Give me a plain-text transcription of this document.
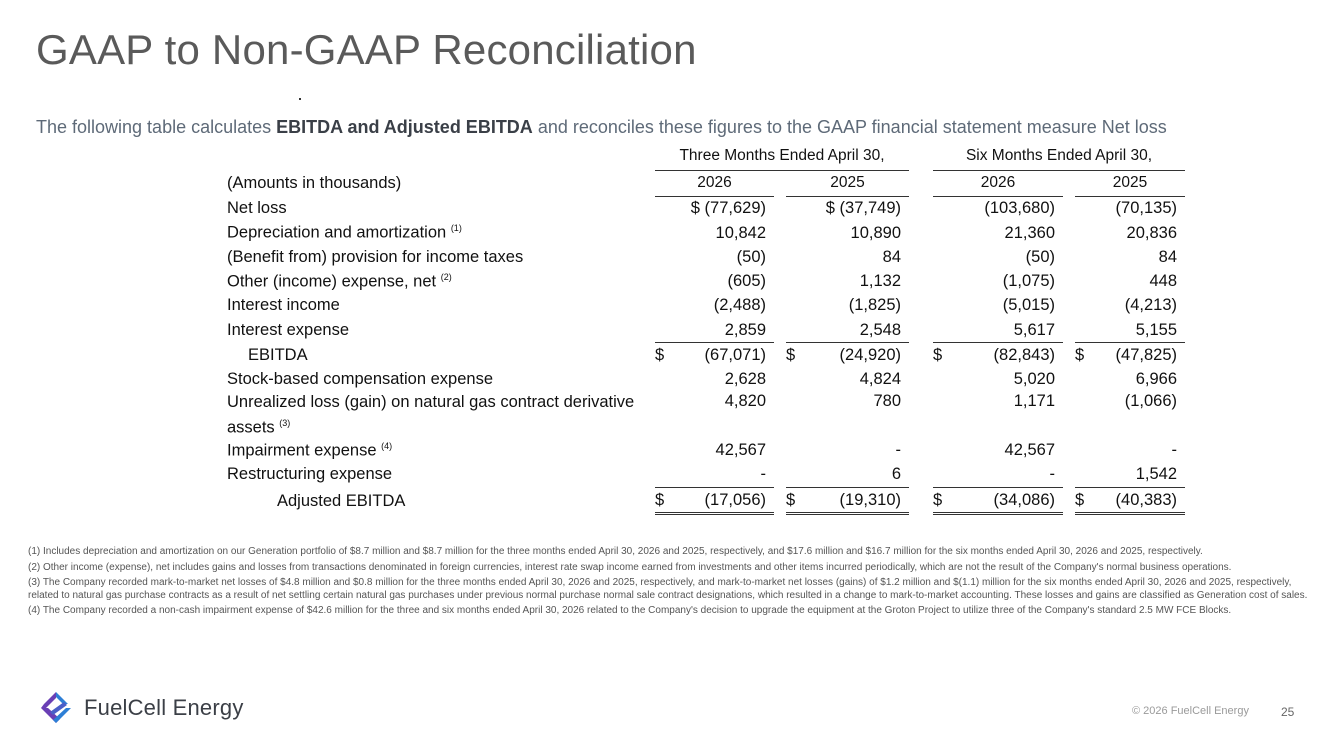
GAAP to Non-GAAP Reconciliation
The following table calculates EBITDA and Adjusted EBITDA and reconciles these figures to the GAAP financial statement measure Net loss
	Three Months Ended April 30,				Six Months Ended April 30,		
(Amounts in thousands)	2026		2025		2026		2025
Net loss	$ (77,629)		$ (37,749)		(103,680)		(70,135)
Depreciation and amortization $^{(1)}$	10,842		10,890		21,360		20,836
(Benefit from) provision for income taxes	(50)		84		(50)		84
Other (income) expense, net $^{(2)}$	(605)		1,132		(1,075)		448
Interest income	(2,488)		(1,825)		(5,015)		(4,213)
Interest expense	2,859		2,548		5,617		5,155
EBITDA	$ (67,071)		$ (24,920)		$ (82,843)		$ (47,825)
Stock-based compensation expense	2,628		4,824		5,020		6,966
Unrealized loss (gain) on natural gas contract derivative assets $^{(3)}$	4,820		780		1,171		(1,066)
Impairment expense $^{(4)}$	42,567		-		42,567		-
Restructuring expense	-		6		-		1,542
Adjusted EBITDA	$ (17,056)		$ (19,310)		$ (34,086)		$ (40,383)

(1) Includes depreciation and amortization on our Generation portfolio of $8.7 million and $8.7 million for the three months ended April 30, 2026 and 2025, respectively, and $17.6 million and $16.7 million for the six months ended April 30, 2026 and 2025, respectively.

(2) Other income (expense), net includes gains and losses from transactions denominated in foreign currencies, interest rate swap income earned from investments and other items incurred periodically, which are not the result of the Company's normal business operations.

(3) The Company recorded mark-to-market net losses of $4.8 million and $0.8 million for the three months ended April 30, 2026 and 2025, respectively, and mark-to-market net losses (gains) of $1.2 million and $(1.1) million for the six months ended April 30, 2026 and 2025, respectively, related to natural gas purchase contracts as a result of net settling certain natural gas purchases under previous normal purchase normal sale contract designations, which resulted in a change to mark-to-market accounting. These losses and gains are classified as Generation cost of sales.

(4) The Company recorded a non-cash impairment expense of $42.6 million for the three and six months ended April 30, 2026 related to the Company's decision to upgrade the equipment at the Groton Project to utilize three of the Company's standard 2.5 MW FCE Blocks.

FuelCell Energy	© 2026 FuelCell Energy	25
